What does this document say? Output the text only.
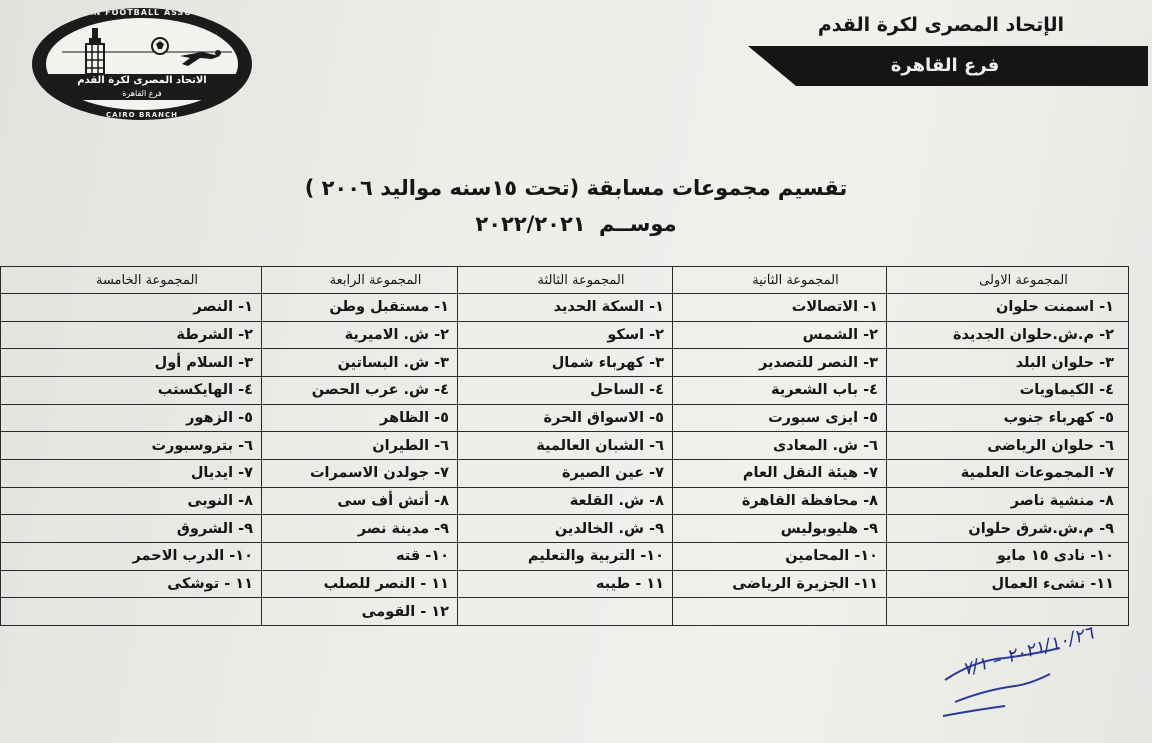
EGYPTIAN FOOTBALL ASSOCIATION
الاتحاد المصرى لكرة القدم
فرع القاهرة
CAIRO BRANCH
الإتحاد المصرى لكرة القدم
فرع القاهرة
تقسيم مجموعات مسابقة (تحت ١٥سنه مواليد ٢٠٠٦ )
موســم ٢٠٢٢/٢٠٢١
المجموعة الاولى	المجموعة الثانية	المجموعة الثالثة	المجموعة الرابعة	المجموعة الخامسة
١- اسمنت حلوان	١- الاتصالات	١- السكة الحديد	١- مستقبل وطن	١- النصر
٢- م.ش.حلوان الجديدة	٢- الشمس	٢- اسكو	٢- ش. الاميرية	٢- الشرطة
٣- حلوان البلد	٣- النصر للتصدير	٣- كهرباء شمال	٣- ش. البساتين	٣- السلام أول
٤- الكيماويات	٤- باب الشعرية	٤- الساحل	٤- ش. عرب الحصن	٤- الهايكستب
٥- كهرباء جنوب	٥- ايزى سبورت	٥- الاسواق الحرة	٥- الظاهر	٥- الزهور
٦- حلوان الرياضى	٦- ش. المعادى	٦- الشبان العالمية	٦- الطيران	٦- بتروسبورت
٧- المجموعات العلمية	٧- هيئة النقل العام	٧- عين الصيرة	٧- جولدن الاسمرات	٧- ايديال
٨- منشية ناصر	٨- محافظة القاهرة	٨- ش. القلعة	٨- أتش أف سى	٨- النوبى
٩- م.ش.شرق حلوان	٩- هليوبوليس	٩- ش. الخالدين	٩- مدينة نصر	٩- الشروق
١٠- نادى ١٥ مايو	١٠- المحامين	١٠- التربية والتعليم	١٠- قته	١٠- الدرب الاحمر
١١- نشىء العمال	١١- الجزيرة الرياضى	١١ - طيبه	١١ - النصر للصلب	١١ - توشكى
			١٢ - القومى	
٢٠٢١/١٠/٢٦ – ٧/١
